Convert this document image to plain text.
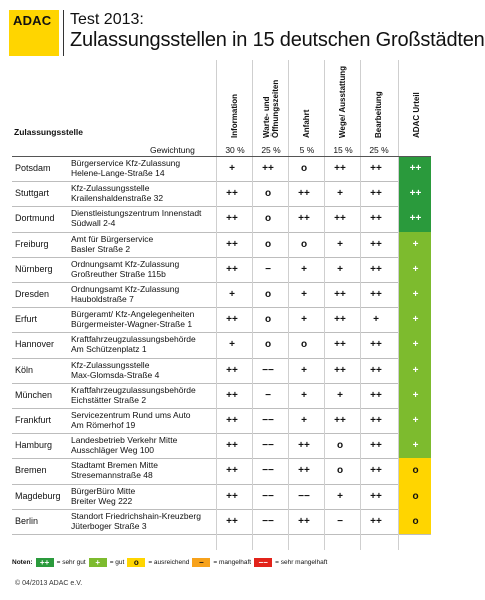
ADAC Test 2013:
Zulassungsstellen in 15 deutschen Großstädten
Information	Warte- und Öffnungszeiten	Anfahrt	Wege/ Ausstattung	Bearbeitung	ADAC Urteil
Zulassungsstelle
Gewichtung	30 %	25 %	5 %	15 %	25 %
Potsdam Bürgerservice Kfz-Zulassung
Helene-Lange-Straße 14	+	++	o	++	++	++
Stuttgart	Kfz-Zulassungsstelle
Krailenshaldenstraße 32	++	o	++	+	++	++
Dortmund Dienstleistungszentrum Innenstadt
Südwall 2-4	++	o	++	++	++	++
Freiburg	Amt für Bürgerservice
Basler Straße 2	++	o	o	+	++	+
Nürnberg Ordnungsamt Kfz-Zulassung
Großreuther Straße 115b	++	−	+	+	++	+
Dresden	Ordnungsamt Kfz-Zulassung
Hauboldstraße 7	+	o	+	++	++	+
Erfurt	Bürgeramt/ Kfz-Angelegenheiten
Bürgermeister-Wagner-Straße 1	++	o	+	++	+	+
Hannover Kraftfahrzeugzulassungsbehörde
Am Schützenplatz 1	+	o	o	++	++	+
Köln	Kfz-Zulassungsstelle
Max-Glomsda-Straße 4	++	−−	+	++	++	+
München Kraftfahrzeugzulassungsbehörde
Eichstätter Straße 2	++	−	+	+	++	+
Frankfurt Servicezentrum Rund ums Auto
Am Römerhof 19	++	−−	+	++	++	+
Hamburg Landesbetrieb Verkehr Mitte
Ausschläger Weg 100	++	−−	++	o	++	+
Bremen	Stadtamt Bremen Mitte
Stresemannstraße 48	++	−−	++	o	++	o
Magdeburg BürgerBüro Mitte
Breiter Weg 222	++	−−	−−	+	++	o
Berlin	Standort Friedrichshain-Kreuzberg
Jüterboger Straße 3	++	−−	++	−	++	o
Noten: ++	= sehr gut	+	= gut	o	= ausreichend	−	= mangelhaft −−	= sehr mangelhaft
© 04/2013 ADAC e.V.
